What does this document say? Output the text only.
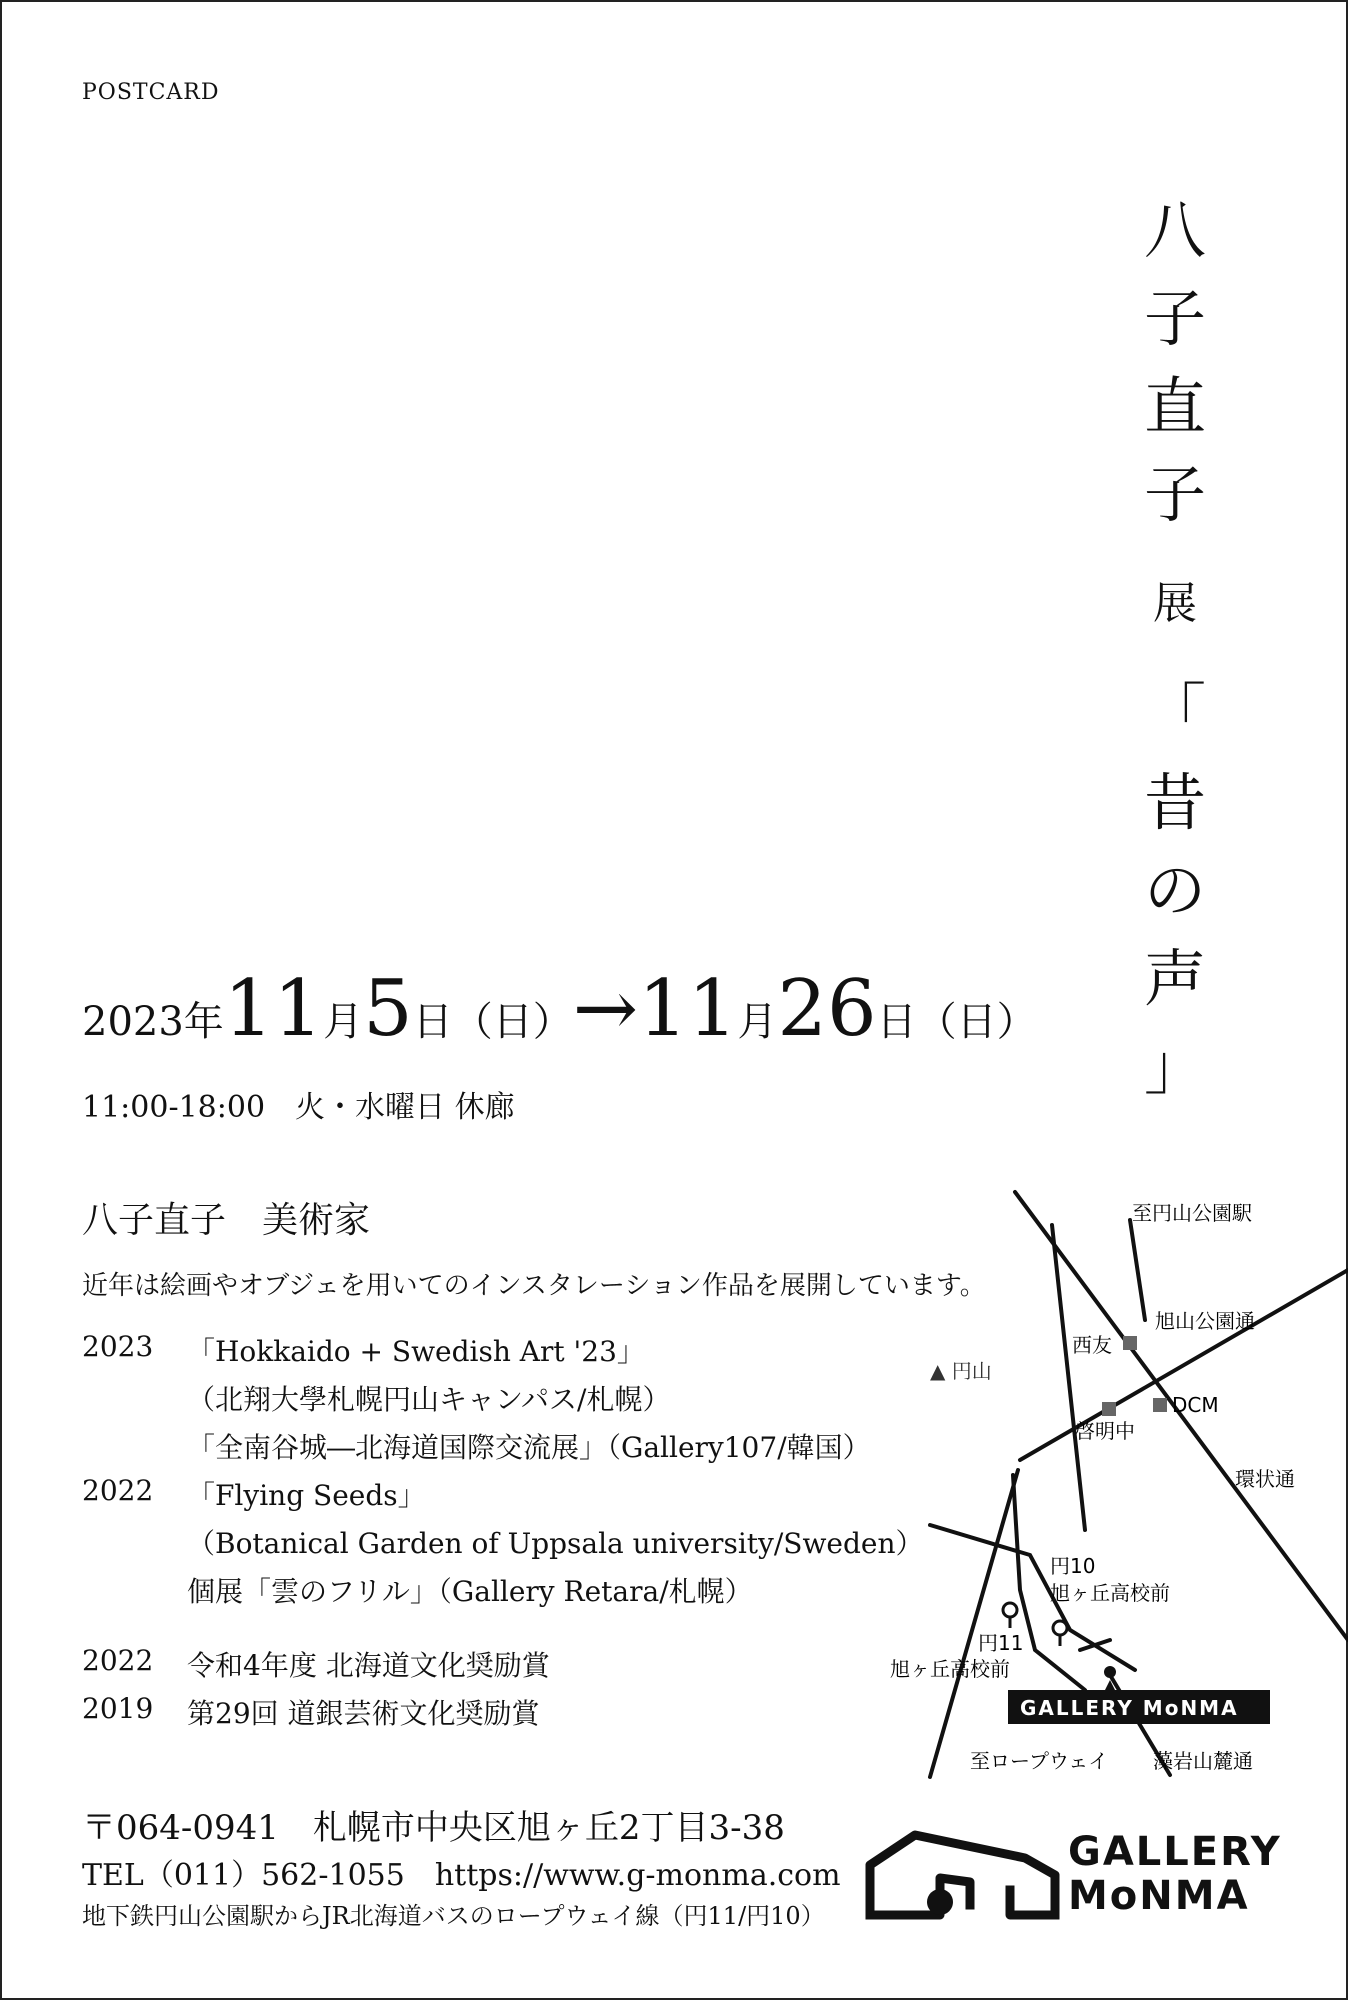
POSTCARD
八
子
直
子
展
「
昔
の
声
」
2023年11月5日（日）→11月26日（日）
11:00-18:00　火・水曜日 休廊
八子直子　美術家
近年は絵画やオブジェを用いてのインスタレーション作品を展開しています。
2023	「Hokkaido + Swedish Art '23」
（北翔大學札幌円山キャンパス/札幌）
「全南谷城―北海道国際交流展」（Gallery107/韓国）
2022	「Flying Seeds」
（Botanical Garden of Uppsala university/Sweden）
個展「雲のフリル」（Gallery Retara/札幌）
2022	令和4年度 北海道文化奨励賞
2019	第29回 道銀芸術文化奨励賞
至円山公園駅
旭山公園通
▲ 円山
西友
DCM
啓明中
環状通
円10
旭ヶ丘高校前
円11
旭ヶ丘高校前
GALLERY MoNMA
至ロープウェイ 藻岩山麓通
〒064-0941　札幌市中央区旭ヶ丘2丁目3-38
TEL（011）562-1055　https://www.g-monma.com
地下鉄円山公園駅からJR北海道バスのロープウェイ線（円11/円10）
GALLERY
MoNMA
